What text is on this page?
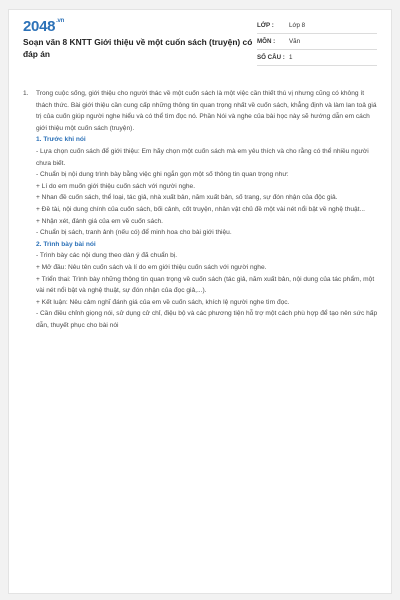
$2048^{.vn}$
Soạn văn 8 KNTT Giới thiệu về một cuốn sách (truyện) có đáp án
LỚP :	Lớp 8
MÔN :	Văn
SỐ CÂU : 1
1.	Trong cuộc sống, giới thiệu cho người thác về một cuốn sách là một việc cần thiết thú vị nhưng cũng có không ít thách thức. Bài giới thiệu cần cung cấp những thông tin quan trọng nhất về cuốn sách, khẳng định và làm lan toả giá trị của cuốn giúp người nghe hiểu và có thể tìm đọc nó. Phần Nói và nghe của bài học này sẽ hướng dẫn em cách giới thiệu một cuốn sách (truyện).

1. Trước khi nói

- Lựa chọn cuốn sách để giới thiệu: Em hãy chọn một cuốn sách mà em yêu thích và cho rằng có thể nhiều người chưa biết.

- Chuẩn bị nội dung trình bày bằng việc ghi ngắn gọn một số thông tin quan trọng như:

+ Lí do em muốn giới thiệu cuốn sách với người nghe.

+ Nhan đề cuốn sách, thể loại, tác giả, nhà xuất bản, năm xuất bản, số trang, sự đón nhận của độc giả.

+ Đề tài, nội dung chính của cuốn sách, bối cảnh, cốt truyện, nhân vật chủ đề một vài nét nổi bật về nghệ thuật...

+ Nhận xét, đánh giá của em về cuốn sách.

- Chuẩn bị sách, tranh ảnh (nếu có) để minh hoa cho bài giới thiệu.

2. Trình bày bài nói

- Trình bày các nội dung theo dàn ý đã chuẩn bị.

+ Mở đầu: Nêu tên cuốn sách và lí do em giới thiệu cuốn sách với người nghe.

+ Triển thai: Trình bày những thông tin quan trọng về cuốn sách (tác giả, năm xuất bản, nội dung của tác phẩm, một vài nét nổi bật và nghệ thuật, sự đón nhận của đọc giả,...).

+ Kết luận: Nêu cảm nghĩ đánh giá của em về cuốn sách, khích lệ người nghe tìm đọc.

- Cần điều chỉnh giọng nói, sử dụng cử chỉ, điệu bộ và các phương tiện hỗ trợ một cách phù hợp để tạo nên sức hấp dẫn, thuyết phục cho bài nói
